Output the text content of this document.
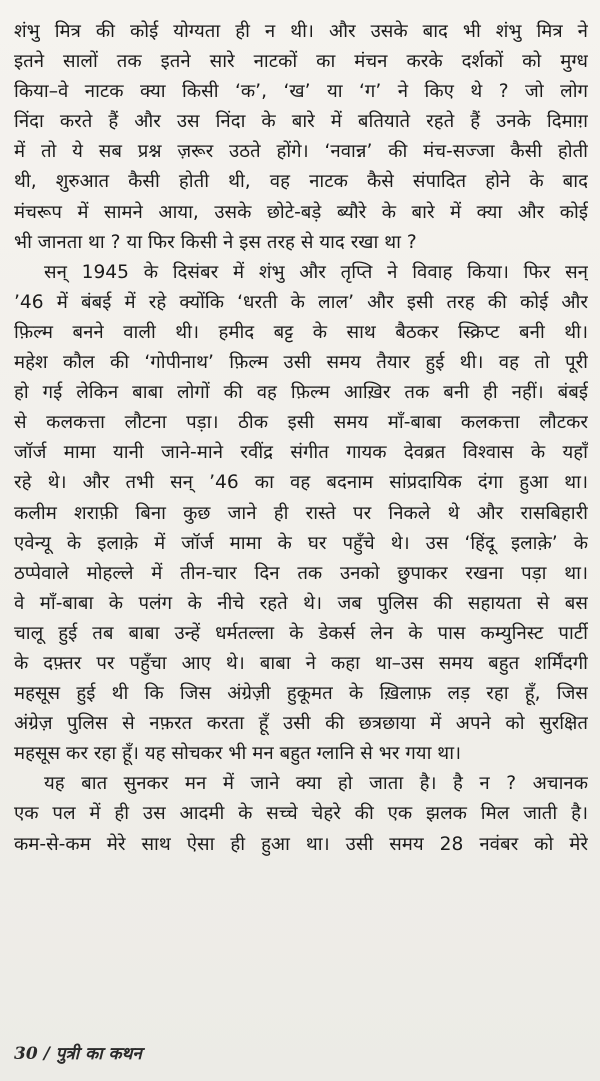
शंभु मित्र की कोई योग्यता ही न थी। और उसके बाद भी शंभु मित्र ने
इतने सालों तक इतने सारे नाटकों का मंचन करके दर्शकों को मुग्ध
किया–वे नाटक क्या किसी ‘क’, ‘ख’ या ‘ग’ ने किए थे ? जो लोग
निंदा करते हैं और उस निंदा के बारे में बतियाते रहते हैं उनके दिमाग़
में तो ये सब प्रश्न ज़रूर उठते होंगे। ‘नवान्न’ की मंच-सज्जा कैसी होती
थी, शुरुआत कैसी होती थी, वह नाटक कैसे संपादित होने के बाद
मंचरूप में सामने आया, उसके छोटे-बड़े ब्यौरे के बारे में क्या और कोई
भी जानता था ? या फिर किसी ने इस तरह से याद रखा था ?
सन् 1945 के दिसंबर में शंभु और तृप्ति ने विवाह किया। फिर सन्
’46 में बंबई में रहे क्योंकि ‘धरती के लाल’ और इसी तरह की कोई और
फ़िल्म बनने वाली थी। हमीद बट्ट के साथ बैठकर स्क्रिप्ट बनी थी।
महेश कौल की ‘गोपीनाथ’ फ़िल्म उसी समय तैयार हुई थी। वह तो पूरी
हो गई लेकिन बाबा लोगों की वह फ़िल्म आख़िर तक बनी ही नहीं। बंबई
से कलकत्ता लौटना पड़ा। ठीक इसी समय माँ-बाबा कलकत्ता लौटकर
जॉर्ज मामा यानी जाने-माने रवींद्र संगीत गायक देवब्रत विश्वास के यहाँ
रहे थे। और तभी सन् ’46 का वह बदनाम सांप्रदायिक दंगा हुआ था।
कलीम शराफ़ी बिना कुछ जाने ही रास्ते पर निकले थे और रासबिहारी
एवेन्यू के इलाक़े में जॉर्ज मामा के घर पहुँचे थे। उस ‘हिंदू इलाक़े’ के
ठप्पेवाले मोहल्ले में तीन-चार दिन तक उनको छुपाकर रखना पड़ा था।
वे माँ-बाबा के पलंग के नीचे रहते थे। जब पुलिस की सहायता से बस
चालू हुई तब बाबा उन्हें धर्मतल्ला के डेकर्स लेन के पास कम्युनिस्ट पार्टी
के दफ़्तर पर पहुँचा आए थे। बाबा ने कहा था–उस समय बहुत शर्मिंदगी
महसूस हुई थी कि जिस अंग्रेज़ी हुकूमत के ख़िलाफ़ लड़ रहा हूँ, जिस
अंग्रेज़ पुलिस से नफ़रत करता हूँ उसी की छत्रछाया में अपने को सुरक्षित
महसूस कर रहा हूँ। यह सोचकर भी मन बहुत ग्लानि से भर गया था।
यह बात सुनकर मन में जाने क्या हो जाता है। है न ? अचानक
एक पल में ही उस आदमी के सच्चे चेहरे की एक झलक मिल जाती है।
कम-से-कम मेरे साथ ऐसा ही हुआ था। उसी समय 28 नवंबर को मेरे
30 / पुत्री का कथन
